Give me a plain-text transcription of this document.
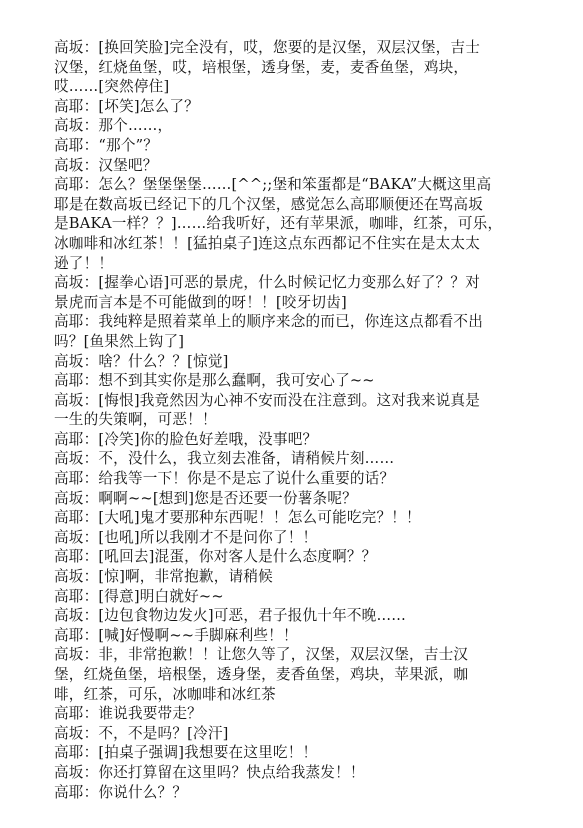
高坂：[换回笑脸]完全没有，哎，您要的是汉堡，双层汉堡，吉士
汉堡，红烧鱼堡，哎，培根堡，透身堡，麦，麦香鱼堡，鸡块，
哎……[突然停住]
高耶：[坏笑]怎么了？
高坂：那个……，
高耶：“那个”？
高坂：汉堡吧？
高耶：怎么？堡堡堡堡……[^^;;堡和笨蛋都是“BAKA”大概这里高
耶是在数高坂已经记下的几个汉堡，感觉怎么高耶顺便还在骂高坂
是BAKA一样？？]……给我听好，还有苹果派，咖啡，红茶，可乐，
冰咖啡和冰红茶！！[猛拍桌子]连这点东西都记不住实在是太太太
逊了！！
高坂：[握拳心语]可恶的景虎，什么时候记忆力变那么好了？？对
景虎而言本是不可能做到的呀！！[咬牙切齿]
高耶：我纯粹是照着菜单上的顺序来念的而已，你连这点都看不出
吗？[鱼果然上钩了]
高坂：啥？什么？？[惊觉]
高耶：想不到其实你是那么蠢啊，我可安心了~~
高坂：[悔恨]我竟然因为心神不安而没在注意到。这对我来说真是
一生的失策啊，可恶！！
高耶：[冷笑]你的脸色好差哦，没事吧？
高坂：不，没什么，我立刻去准备，请稍候片刻……
高耶：给我等一下！你是不是忘了说什么重要的话？
高坂：啊啊~~[想到]您是否还要一份薯条呢？
高耶：[大吼]鬼才要那种东西呢！！怎么可能吃完？！！
高坂：[也吼]所以我刚才不是问你了！！
高耶：[吼回去]混蛋，你对客人是什么态度啊？？
高坂：[惊]啊，非常抱歉，请稍候
高耶：[得意]明白就好~~
高坂：[边包食物边发火]可恶，君子报仇十年不晚……
高耶：[喊]好慢啊~~手脚麻利些！！
高坂：非，非常抱歉！！让您久等了，汉堡，双层汉堡，吉士汉
堡，红烧鱼堡，培根堡，透身堡，麦香鱼堡，鸡块，苹果派，咖
啡，红茶，可乐，冰咖啡和冰红茶
高耶：谁说我要带走？
高坂：不，不是吗？[冷汗]
高耶：[拍桌子强调]我想要在这里吃！！
高坂：你还打算留在这里吗？快点给我蒸发！！
高耶：你说什么？？
